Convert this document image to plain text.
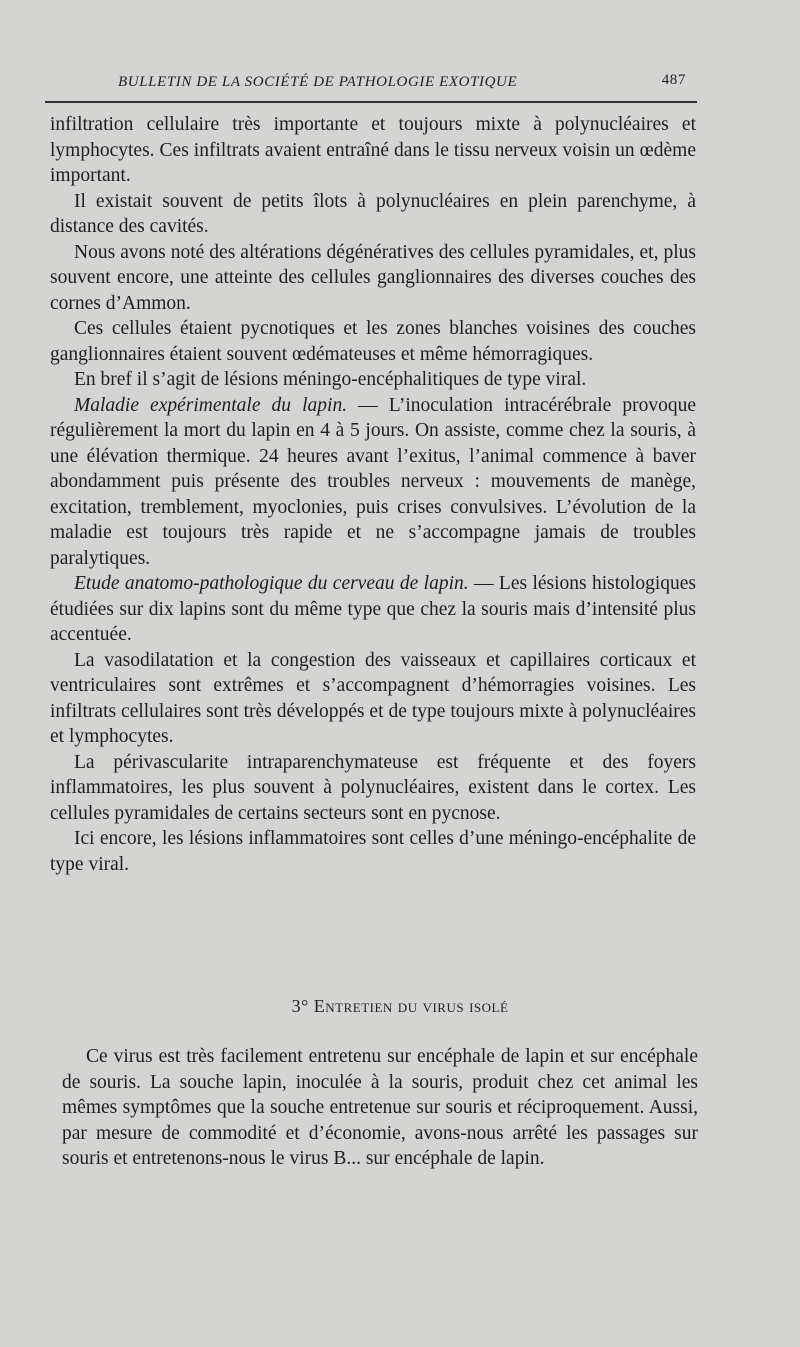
BULLETIN DE LA SOCIÉTÉ DE PATHOLOGIE EXOTIQUE	487

infiltration cellulaire très importante et toujours mixte à polynucléaires et lymphocytes. Ces infiltrats avaient entraîné dans le tissu nerveux voisin un œdème important.

Il existait souvent de petits îlots à polynucléaires en plein parenchyme, à distance des cavités.

Nous avons noté des altérations dégénératives des cellules pyramidales, et, plus souvent encore, une atteinte des cellules ganglionnaires des diverses couches des cornes d’Ammon.

Ces cellules étaient pycnotiques et les zones blanches voisines des couches ganglionnaires étaient souvent œdémateuses et même hémorragiques.

En bref il s’agit de lésions méningo-encéphalitiques de type viral.

Maladie expérimentale du lapin. — L’inoculation intracérébrale provoque régulièrement la mort du lapin en 4 à 5 jours. On assiste, comme chez la souris, à une élévation thermique. 24 heures avant l’exitus, l’animal commence à baver abondamment puis présente des troubles nerveux : mouvements de manège, excitation, tremblement, myoclonies, puis crises convulsives. L’évolution de la maladie est toujours très rapide et ne s’accompagne jamais de troubles paralytiques.

Etude anatomo-pathologique du cerveau de lapin. — Les lésions histologiques étudiées sur dix lapins sont du même type que chez la souris mais d’intensité plus accentuée.

La vasodilatation et la congestion des vaisseaux et capillaires corticaux et ventriculaires sont extrêmes et s’accompagnent d’hémorragies voisines. Les infiltrats cellulaires sont très développés et de type toujours mixte à polynucléaires et lymphocytes.

La périvascularite intraparenchymateuse est fréquente et des foyers inflammatoires, les plus souvent à polynucléaires, existent dans le cortex. Les cellules pyramidales de certains secteurs sont en pycnose.

Ici encore, les lésions inflammatoires sont celles d’une méningo-encéphalite de type viral.

3° Entretien du virus isolé

Ce virus est très facilement entretenu sur encéphale de lapin et sur encéphale de souris. La souche lapin, inoculée à la souris, produit chez cet animal les mêmes symptômes que la souche entretenue sur souris et réciproquement. Aussi, par mesure de commodité et d’économie, avons-nous arrêté les passages sur souris et entretenons-nous le virus B... sur encéphale de lapin.
